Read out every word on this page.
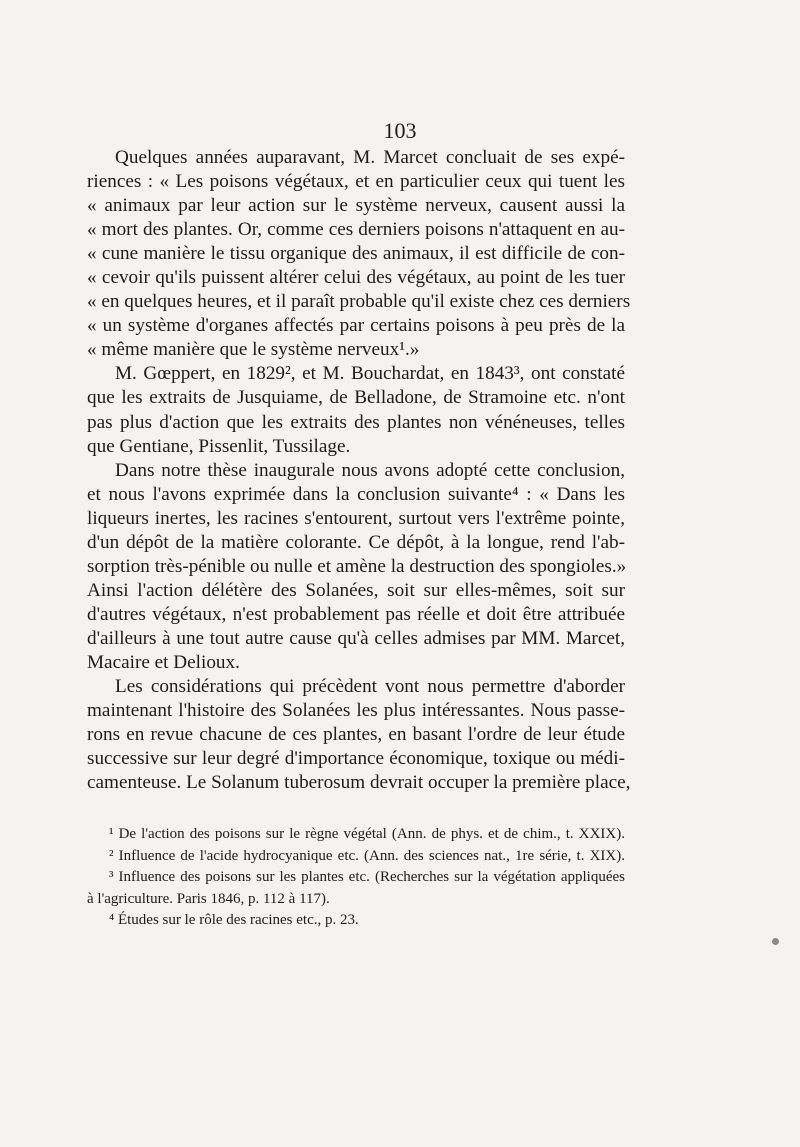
103
Quelques années auparavant, M. Marcet concluait de ses expé-
riences : « Les poisons végétaux, et en particulier ceux qui tuent les
« animaux par leur action sur le système nerveux, causent aussi la
« mort des plantes. Or, comme ces derniers poisons n'attaquent en au-
« cune manière le tissu organique des animaux, il est difficile de con-
« cevoir qu'ils puissent altérer celui des végétaux, au point de les tuer
« en quelques heures, et il paraît probable qu'il existe chez ces derniers
« un système d'organes affectés par certains poisons à peu près de la
« même manière que le système nerveux¹.»
M. Gœppert, en 1829², et M. Bouchardat, en 1843³, ont constaté
que les extraits de Jusquiame, de Belladone, de Stramoine etc. n'ont
pas plus d'action que les extraits des plantes non vénéneuses, telles
que Gentiane, Pissenlit, Tussilage.
Dans notre thèse inaugurale nous avons adopté cette conclusion,
et nous l'avons exprimée dans la conclusion suivante⁴ : « Dans les
liqueurs inertes, les racines s'entourent, surtout vers l'extrême pointe,
d'un dépôt de la matière colorante. Ce dépôt, à la longue, rend l'ab-
sorption très-pénible ou nulle et amène la destruction des spongioles.»
Ainsi l'action délétère des Solanées, soit sur elles-mêmes, soit sur
d'autres végétaux, n'est probablement pas réelle et doit être attribuée
d'ailleurs à une tout autre cause qu'à celles admises par MM. Marcet,
Macaire et Delioux.
Les considérations qui précèdent vont nous permettre d'aborder
maintenant l'histoire des Solanées les plus intéressantes. Nous passe-
rons en revue chacune de ces plantes, en basant l'ordre de leur étude
successive sur leur degré d'importance économique, toxique ou médi-
camenteuse. Le Solanum tuberosum devrait occuper la première place,
¹ De l'action des poisons sur le règne végétal (Ann. de phys. et de chim., t. XXIX).
² Influence de l'acide hydrocyanique etc. (Ann. des sciences nat., 1re série, t. XIX).
³ Influence des poisons sur les plantes etc. (Recherches sur la végétation appliquées
à l'agriculture. Paris 1846, p. 112 à 117).
⁴ Études sur le rôle des racines etc., p. 23.
